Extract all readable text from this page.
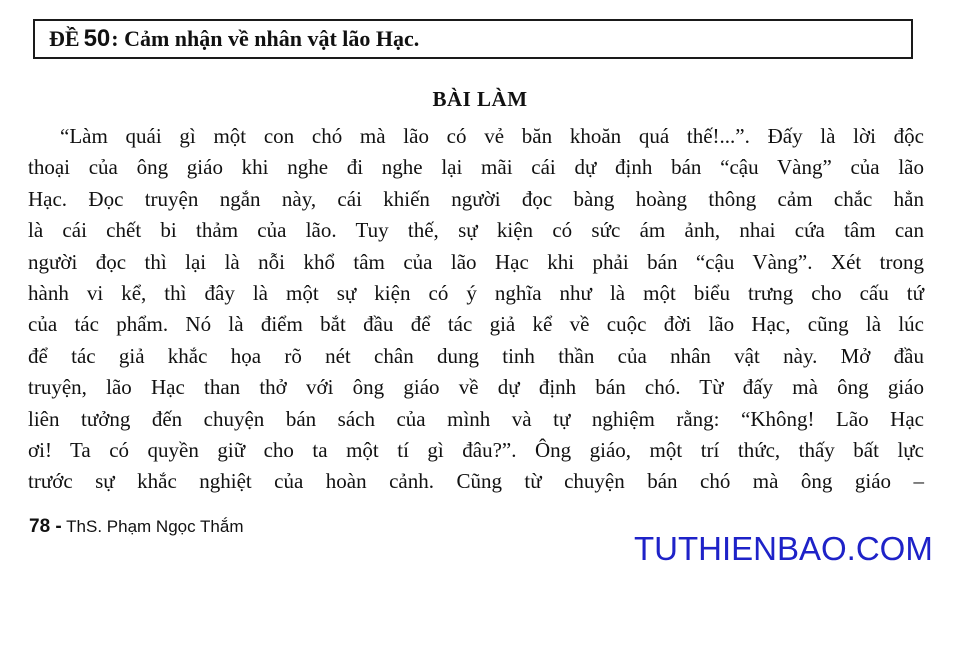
ĐỀ 50 : Cảm nhận về nhân vật lão Hạc.
BÀI LÀM
“Làm quái gì một con chó mà lão có vẻ băn khoăn quá thế!...”. Đấy là lời độc
thoại của ông giáo khi nghe đi nghe lại mãi cái dự định bán “cậu Vàng” của lão
Hạc. Đọc truyện ngắn này, cái khiến người đọc bàng hoàng thông cảm chắc hẳn
là cái chết bi thảm của lão. Tuy thế, sự kiện có sức ám ảnh, nhai cứa tâm can
người đọc thì lại là nỗi khổ tâm của lão Hạc khi phải bán “cậu Vàng”. Xét trong
hành vi kể, thì đây là một sự kiện có ý nghĩa như là một biểu trưng cho cấu tứ
của tác phẩm. Nó là điểm bắt đầu để tác giả kể về cuộc đời lão Hạc, cũng là lúc
để tác giả khắc họa rõ nét chân dung tinh thần của nhân vật này. Mở đầu
truyện, lão Hạc than thở với ông giáo về dự định bán chó. Từ đấy mà ông giáo
liên tưởng đến chuyện bán sách của mình và tự nghiệm rằng: “Không! Lão Hạc
ơi! Ta có quyền giữ cho ta một tí gì đâu?”. Ông giáo, một trí thức, thấy bất lực
trước sự khắc nghiệt của hoàn cảnh. Cũng từ chuyện bán chó mà ông giáo –
78 - ThS. Phạm Ngọc Thắm
TUTHIENBAO.COM
